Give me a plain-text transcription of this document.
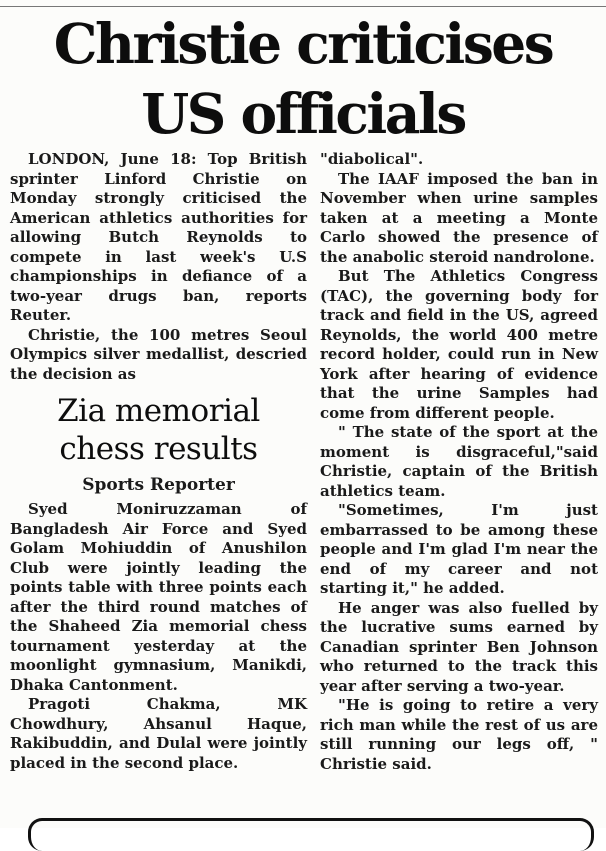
Christie criticises
US officials

LONDON, June 18: Top British sprinter Linford Christie on Monday strongly criticised the American athletics authorities for allowing Butch Reynolds to compete in last week's U.S championships in defiance of a two-year drugs ban, reports Reuter.

Christie, the 100 metres Seoul Olympics silver medallist, descried the decision as

Zia memorial chess results
Sports Reporter

Syed Moniruzzaman of Bangladesh Air Force and Syed Golam Mohiuddin of Anushilon Club were jointly leading the points table with three points each after the third round matches of the Shaheed Zia memorial chess tournament yesterday at the moonlight gymnasium, Manikdi, Dhaka Cantonment.

Pragoti Chakma, MK Chowdhury, Ahsanul Haque, Rakibuddin, and Dulal were jointly placed in the second place.

"diabolical".

The IAAF imposed the ban in November when urine samples taken at a meeting a Monte Carlo showed the presence of the anabolic steroid nandrolone.

But The Athletics Congress (TAC), the governing body for track and field in the US, agreed Reynolds, the world 400 metre record holder, could run in New York after hearing of evidence that the urine Samples had come from different people.

" The state of the sport at the moment is disgraceful,"said Christie, captain of the British athletics team.

"Sometimes, I'm just embarrassed to be among these people and I'm glad I'm near the end of my career and not starting it," he added.

He anger was also fuelled by the lucrative sums earned by Canadian sprinter Ben Johnson who returned to the track this year after serving a two-year.

"He is going to retire a very rich man while the rest of us are still running our legs off, " Christie said.
